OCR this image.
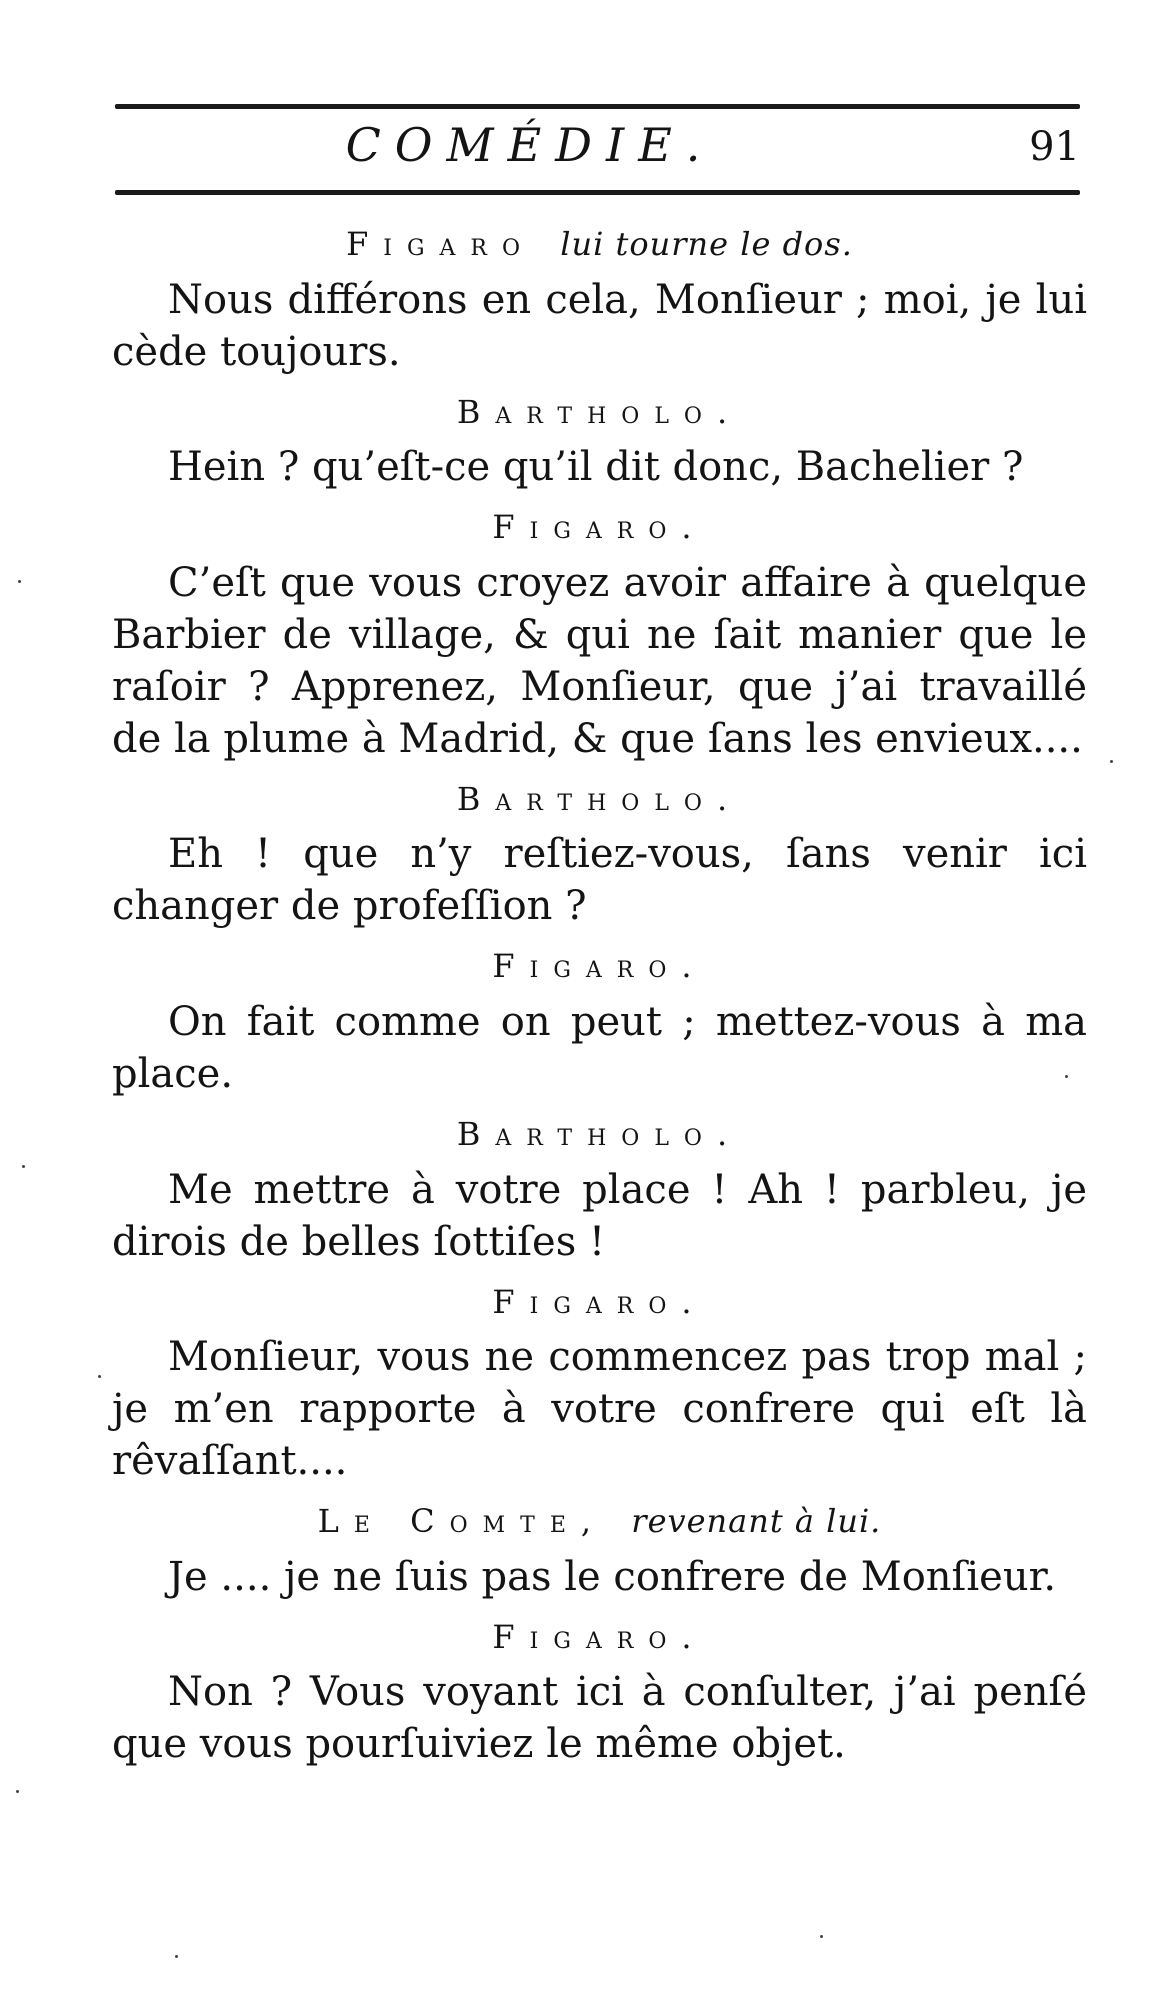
COMÉDIE.	91

Figaro lui tourne le dos.

Nous différons en cela, Monſieur ; moi, je lui cède toujours.

Bartholo.

Hein ? qu’eſt-ce qu’il dit donc, Bachelier ?

Figaro.

C’eſt que vous croyez avoir affaire à quelque Barbier de village, & qui ne ſait manier que le raſoir ? Apprenez, Monſieur, que j’ai travaillé de la plume à Madrid, & que ſans les envieux....

Bartholo.

Eh ! que n’y reſtiez-vous, ſans venir ici changer de profeſſion ?

Figaro.

On fait comme on peut ; mettez-vous à ma place.

Bartholo.

Me mettre à votre place ! Ah ! parbleu, je dirois de belles ſottiſes !

Figaro.

Monſieur, vous ne commencez pas trop mal ; je m’en rapporte à votre confrere qui eſt là rêvaſſant....

Le Comte, revenant à lui.

Je .... je ne ſuis pas le confrere de Monſieur.

Figaro.

Non ? Vous voyant ici à conſulter, j’ai penſé que vous pourſuiviez le même objet.
